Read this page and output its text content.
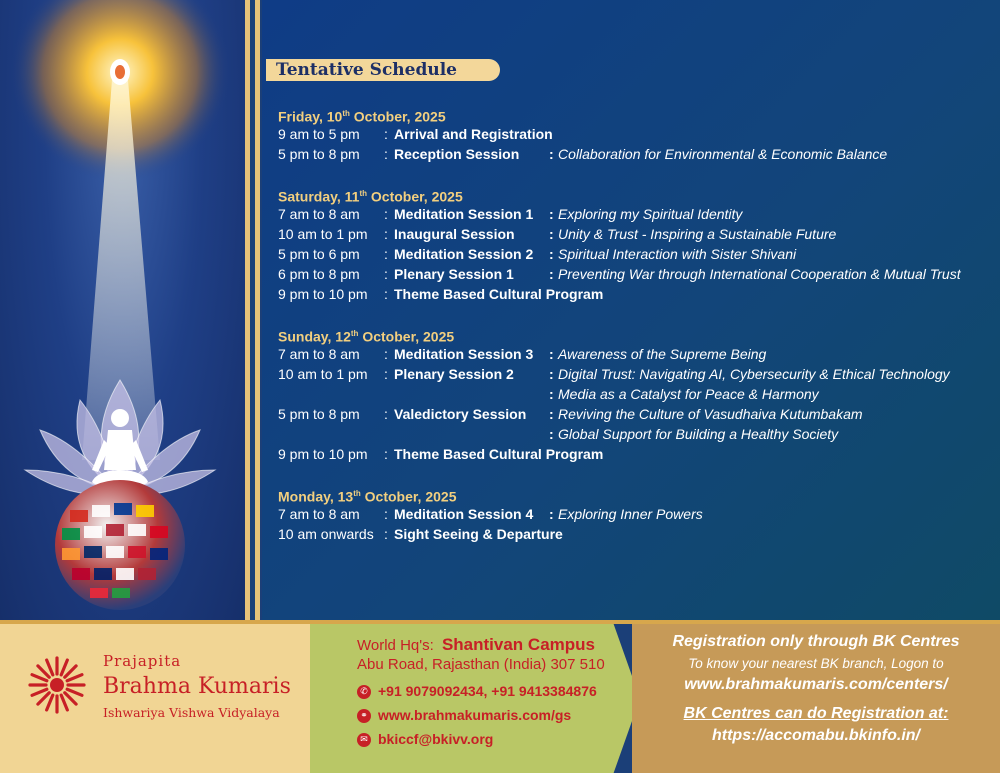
Tentative Schedule
Friday, 10th October, 2025
9 am to 5 pm : Arrival and Registration
5 pm to 8 pm : Reception Session : Collaboration for Environmental & Economic Balance
Saturday, 11th October, 2025
7 am to 8 am : Meditation Session 1 : Exploring my Spiritual Identity
10 am to 1 pm : Inaugural Session : Unity & Trust - Inspiring a Sustainable Future
5 pm to 6 pm : Meditation Session 2 : Spiritual Interaction with Sister Shivani
6 pm to 8 pm : Plenary Session 1	: Preventing War through International Cooperation & Mutual Trust
9 pm to 10 pm : Theme Based Cultural Program
Sunday, 12th October, 2025
7 am to 8 am : Meditation Session 3 : Awareness of the Supreme Being
10 am to 1 pm : Plenary Session 2	: Digital Trust: Navigating AI, Cybersecurity & Ethical Technology
: Media as a Catalyst for Peace & Harmony
5 pm to 8 pm : Valedictory Session : Reviving the Culture of Vasudhaiva Kutumbakam
: Global Support for Building a Healthy Society
9 pm to 10 pm : Theme Based Cultural Program
Monday, 13th October, 2025
7 am to 8 am : Meditation Session 4 : Exploring Inner Powers
10 am onwards : Sight Seeing & Departure
Prajapita
Brahma Kumaris
Ishwariya Vishwa Vidyalaya
World Hq's: Shantivan Campus
Abu Road, Rajasthan (India) 307 510
✆ +91 9079092434, +91 9413384876
⚭ www.brahmakumaris.com/gs
✉ bkiccf@bkivv.org
Registration only through BK Centres
To know your nearest BK branch, Logon to
www.brahmakumaris.com/centers/
BK Centres can do Registration at:
https://accomabu.bkinfo.in/
